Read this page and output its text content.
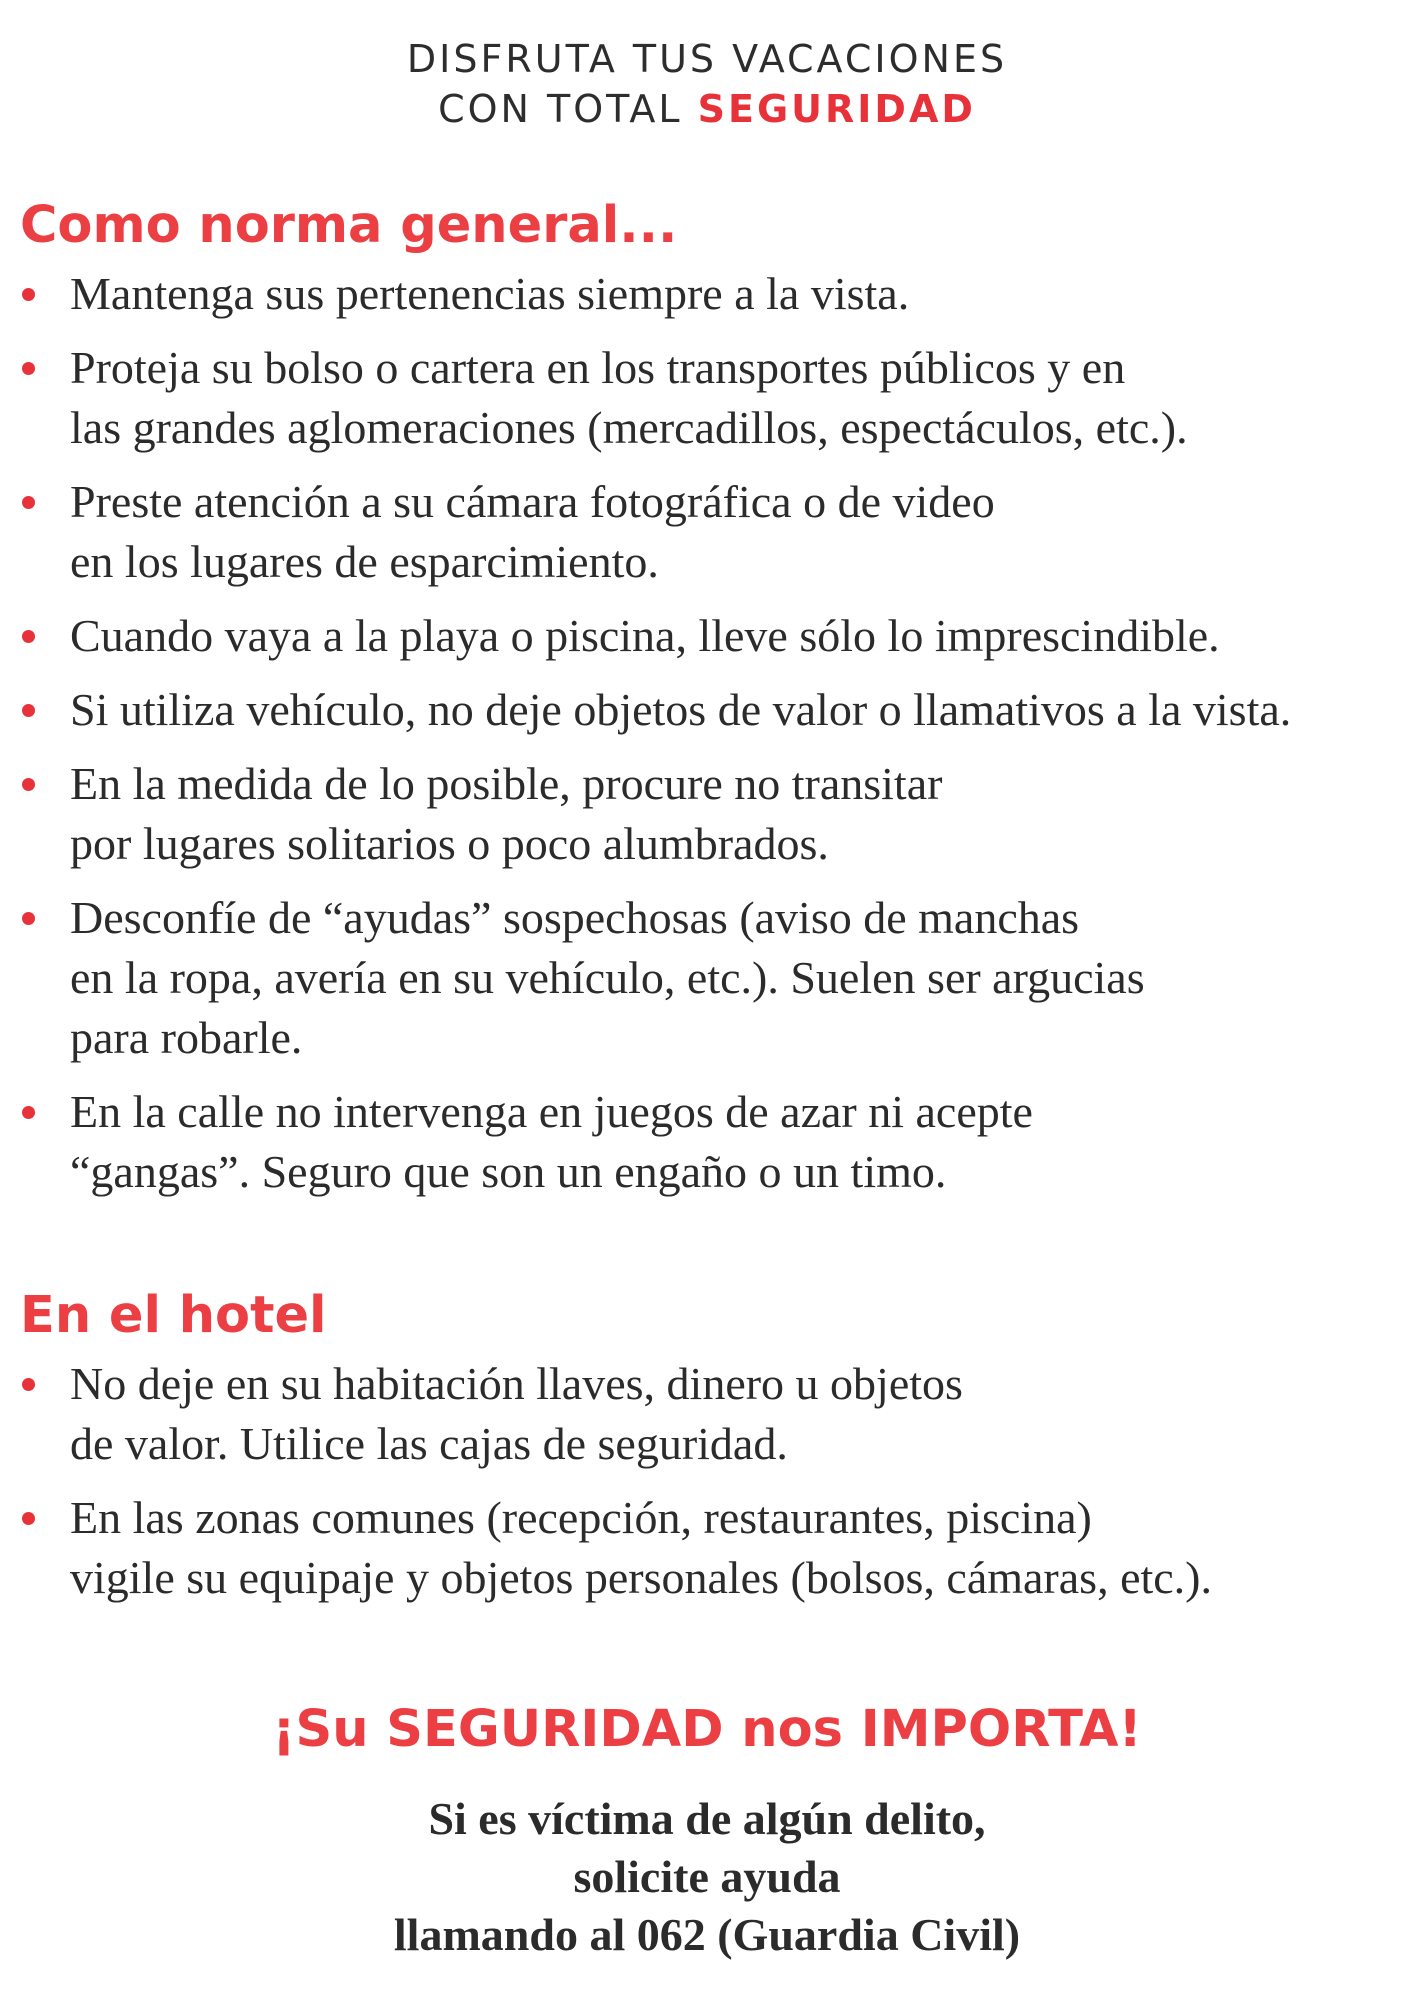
DISFRUTA TUS VACACIONES
CON TOTAL SEGURIDAD
Como norma general...
Mantenga sus pertenencias siempre a la vista.
Proteja su bolso o cartera en los transportes públicos y en
las grandes aglomeraciones (mercadillos, espectáculos, etc.).
Preste atención a su cámara fotográfica o de video
en los lugares de esparcimiento.
Cuando vaya a la playa o piscina, lleve sólo lo imprescindible.
Si utiliza vehículo, no deje objetos de valor o llamativos a la vista.
En la medida de lo posible, procure no transitar
por lugares solitarios o poco alumbrados.
Desconfíe de “ayudas” sospechosas (aviso de manchas
en la ropa, avería en su vehículo, etc.). Suelen ser argucias
para robarle.
En la calle no intervenga en juegos de azar ni acepte
“gangas”. Seguro que son un engaño o un timo.
En el hotel
No deje en su habitación llaves, dinero u objetos
de valor. Utilice las cajas de seguridad.
En las zonas comunes (recepción, restaurantes, piscina)
vigile su equipaje y objetos personales (bolsos, cámaras, etc.).
¡Su SEGURIDAD nos IMPORTA!
Si es víctima de algún delito,
solicite ayuda
llamando al 062 (Guardia Civil)
